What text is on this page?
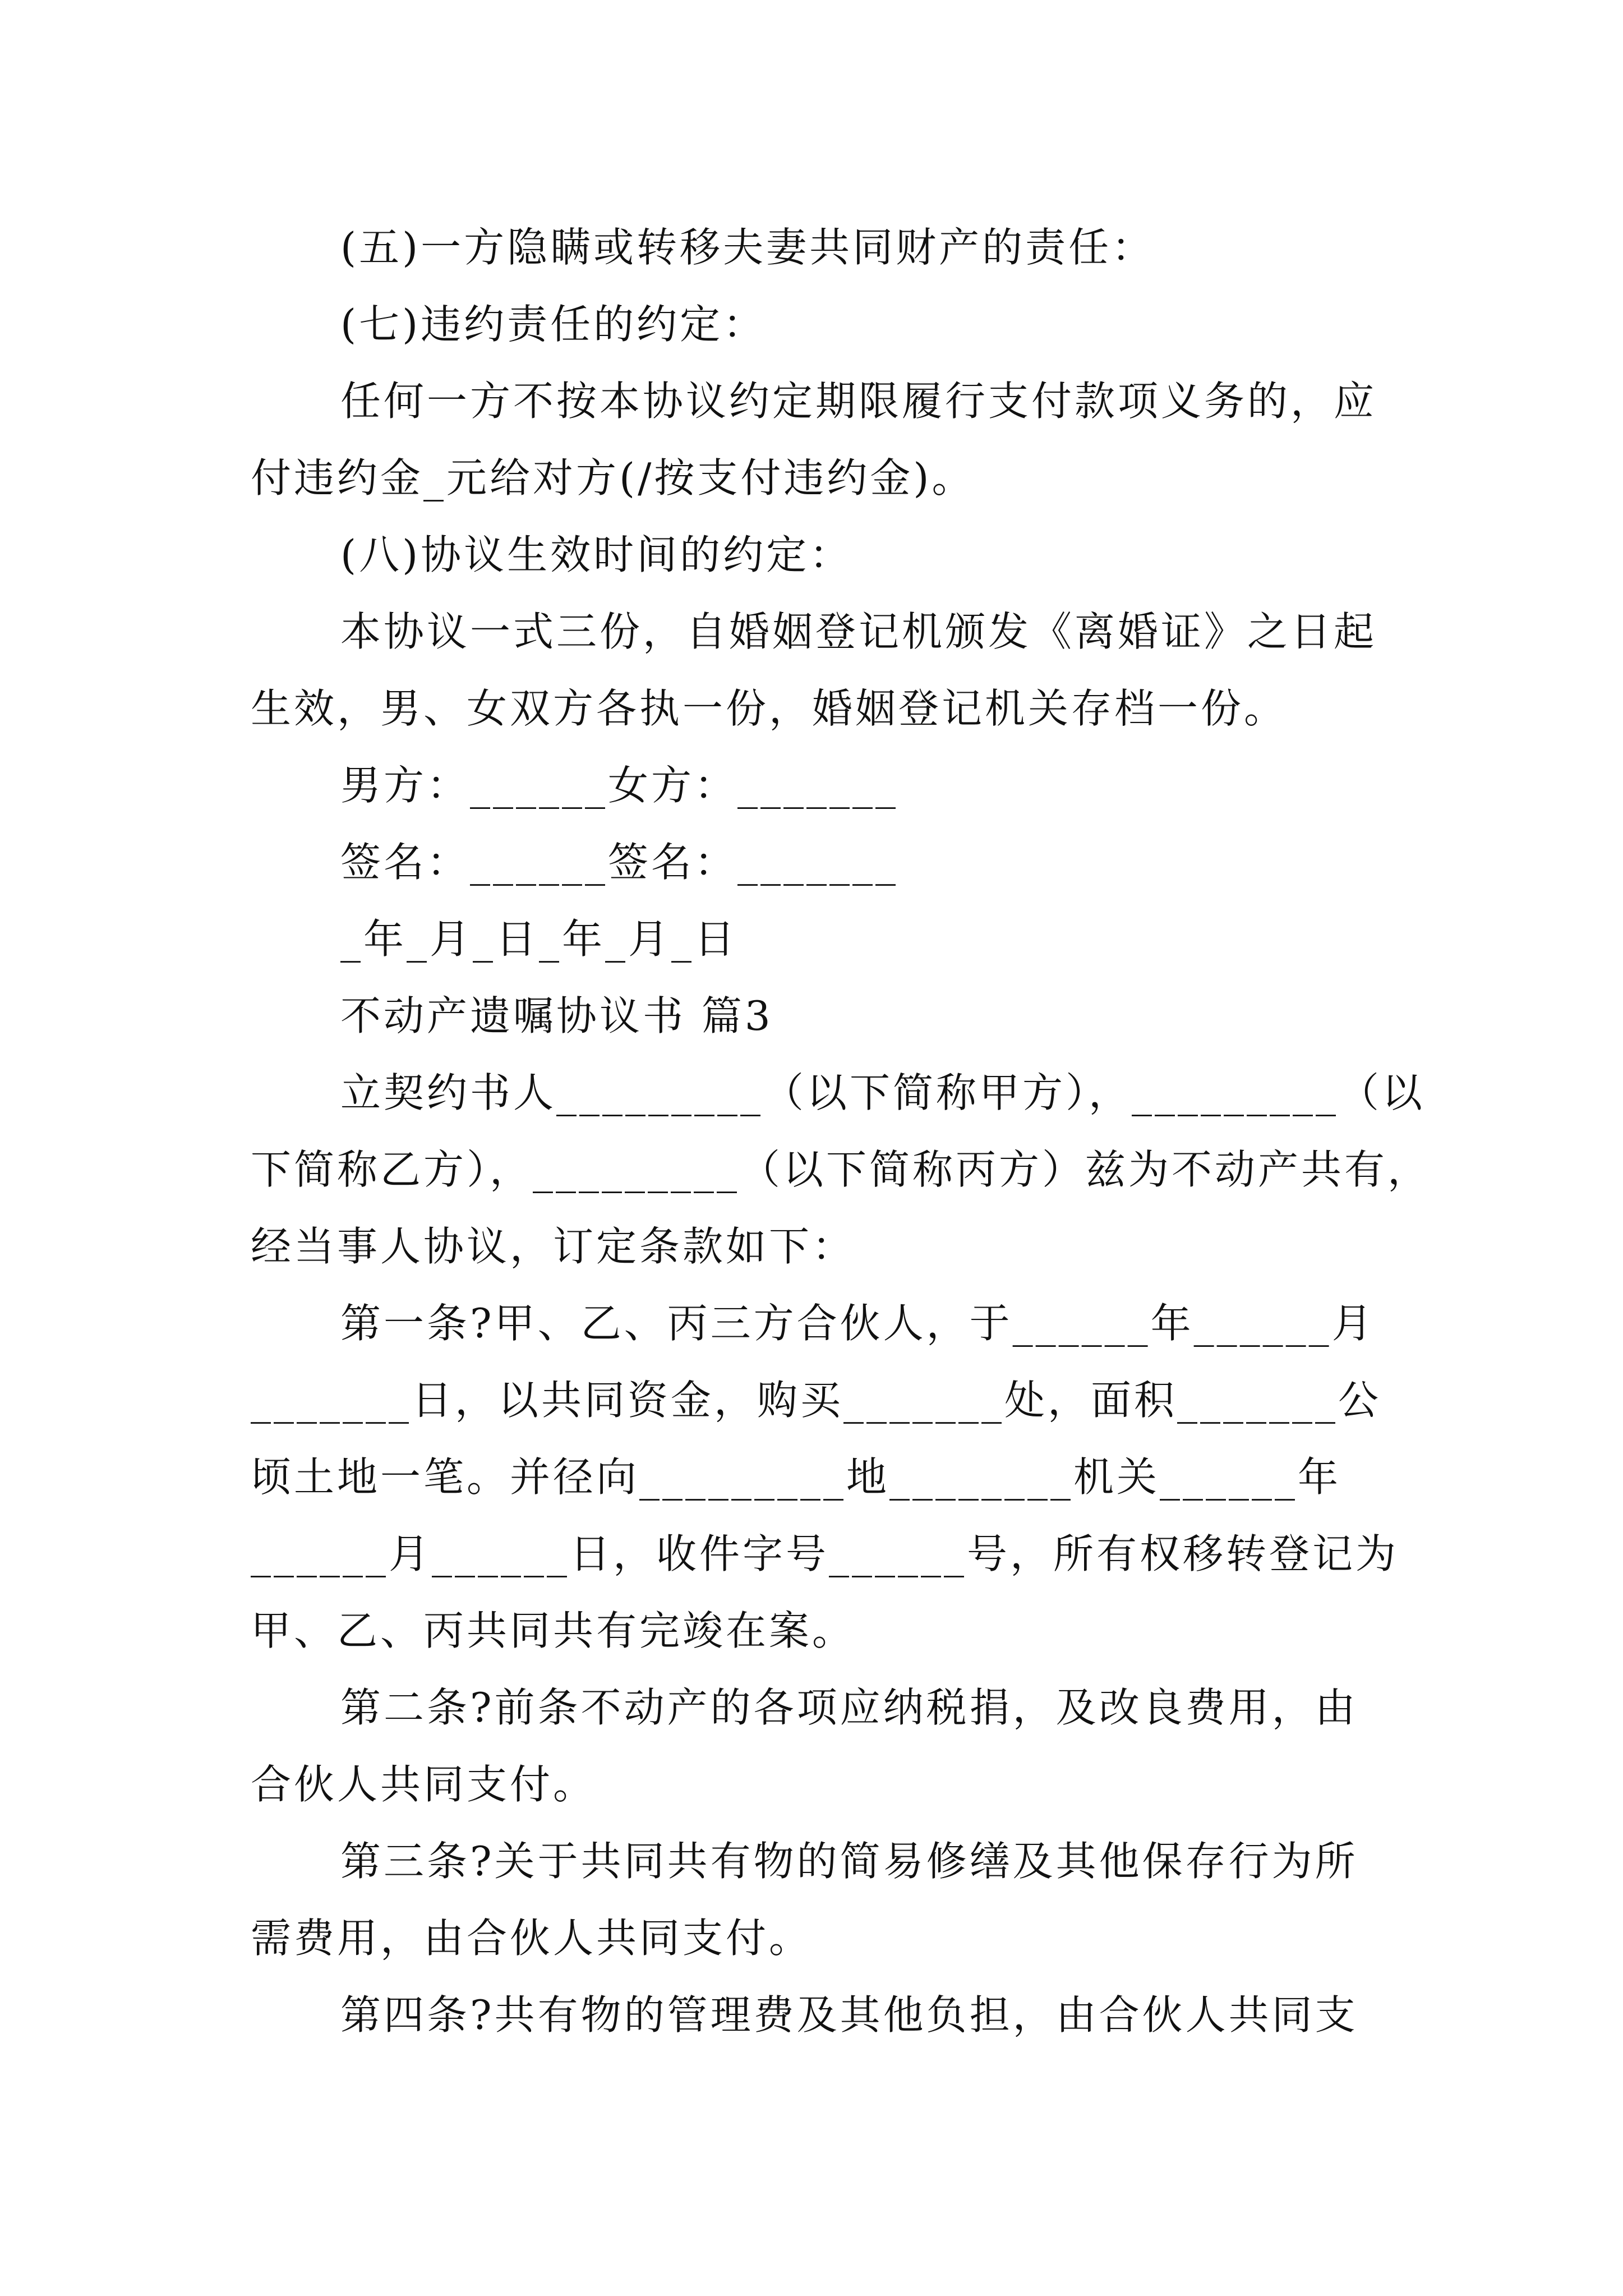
(五)一方隐瞒或转移夫妻共同财产的责任：
(七)违约责任的约定：
任何一方不按本协议约定期限履行支付款项义务的，应
付违约金_元给对方(/按支付违约金)。
(八)协议生效时间的约定：
本协议一式三份，自婚姻登记机颁发《离婚证》之日起
生效，男、女双方各执一份，婚姻登记机关存档一份。
男方：______女方：_______
签名：______签名：_______
_年_月_日_年_月_日
不动产遗嘱协议书 篇3
立契约书人_________（以下简称甲方），_________（以
下简称乙方），_________（以下简称丙方）兹为不动产共有，
经当事人协议，订定条款如下：
第一条?甲、乙、丙三方合伙人，于______年______月
_______日，以共同资金，购买_______处，面积_______公
顷土地一笔。并径向_________地________机关______年
______月______日，收件字号______号，所有权移转登记为
甲、乙、丙共同共有完竣在案。
第二条?前条不动产的各项应纳税捐，及改良费用，由
合伙人共同支付。
第三条?关于共同共有物的简易修缮及其他保存行为所
需费用，由合伙人共同支付。
第四条?共有物的管理费及其他负担，由合伙人共同支
